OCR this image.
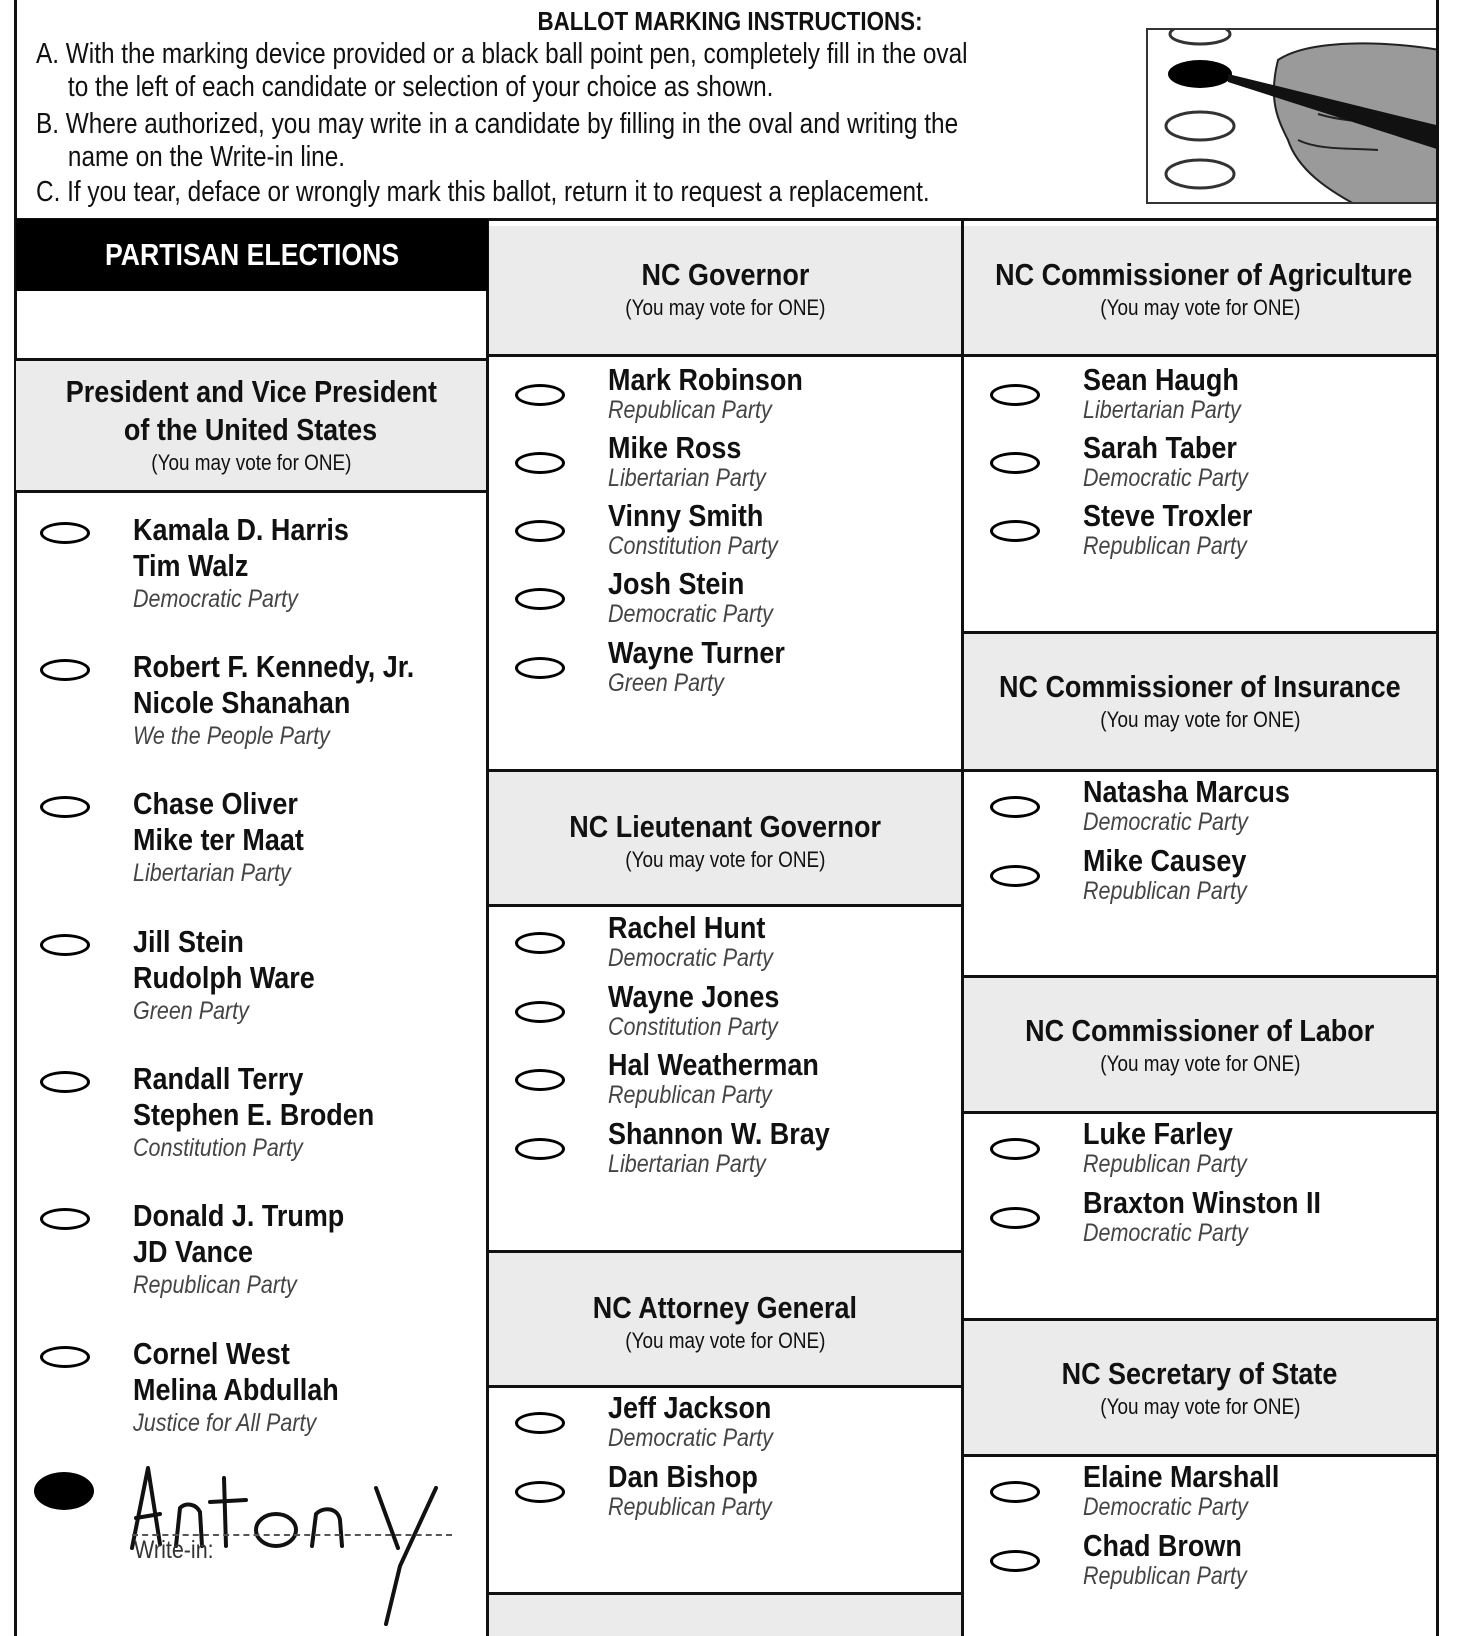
BALLOT MARKING INSTRUCTIONS:
A. With the marking device provided or a black ball point pen, completely fill in the oval
to the left of each candidate or selection of your choice as shown.
B. Where authorized, you may write in a candidate by filling in the oval and writing the
name on the Write-in line.
C. If you tear, deface or wrongly mark this ballot, return it to request a replacement.
PARTISAN ELECTIONS
President and Vice President
of the United States
(You may vote for ONE)
Kamala D. Harris
Tim Walz
Democratic Party
Robert F. Kennedy, Jr.
Nicole Shanahan
We the People Party
Chase Oliver
Mike ter Maat
Libertarian Party
Jill Stein
Rudolph Ware
Green Party
Randall Terry
Stephen E. Broden
Constitution Party
Donald J. Trump
JD Vance
Republican Party
Cornel West
Melina Abdullah
Justice for All Party
Write-in:
NC Governor
(You may vote for ONE)
Mark Robinson
Republican Party
Mike Ross
Libertarian Party
Vinny Smith
Constitution Party
Josh Stein
Democratic Party
Wayne Turner
Green Party
NC Lieutenant Governor
(You may vote for ONE)
Rachel Hunt
Democratic Party
Wayne Jones
Constitution Party
Hal Weatherman
Republican Party
Shannon W. Bray
Libertarian Party
NC Attorney General
(You may vote for ONE)
Jeff Jackson
Democratic Party
Dan Bishop
Republican Party
NC Commissioner of Agriculture
(You may vote for ONE)
Sean Haugh
Libertarian Party
Sarah Taber
Democratic Party
Steve Troxler
Republican Party
NC Commissioner of Insurance
(You may vote for ONE)
Natasha Marcus
Democratic Party
Mike Causey
Republican Party
NC Commissioner of Labor
(You may vote for ONE)
Luke Farley
Republican Party
Braxton Winston II
Democratic Party
NC Secretary of State
(You may vote for ONE)
Elaine Marshall
Democratic Party
Chad Brown
Republican Party
